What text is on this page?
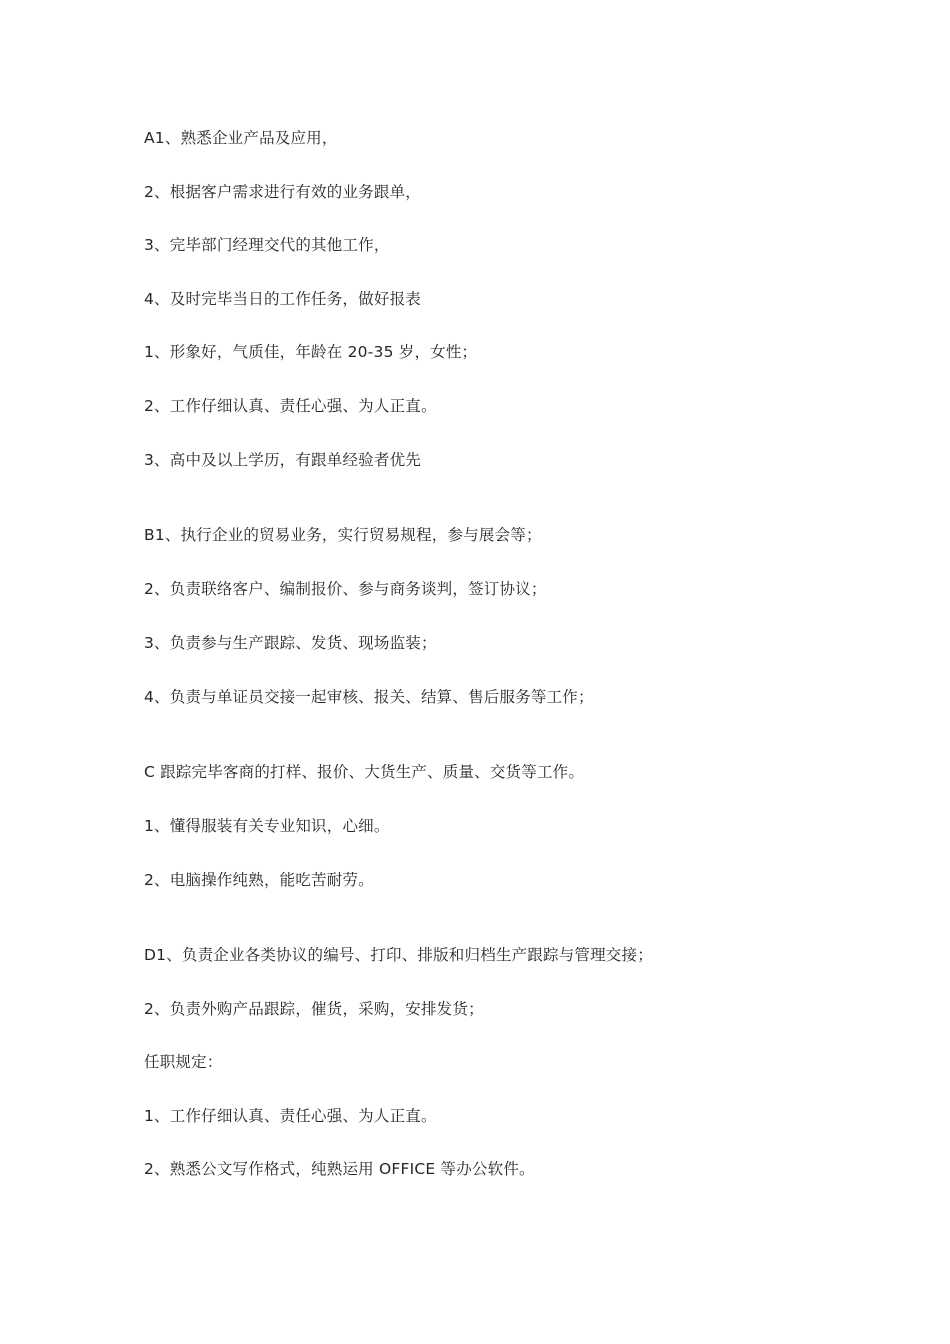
A1、熟悉企业产品及应用，
2、根据客户需求进行有效的业务跟单，
3、完毕部门经理交代的其他工作，
4、及时完毕当日的工作任务，做好报表
1、形象好，气质佳，年龄在 20-35 岁，女性；
2、工作仔细认真、责任心强、为人正直。
3、高中及以上学历，有跟单经验者优先
B1、执行企业的贸易业务，实行贸易规程，参与展会等；
2、负责联络客户、编制报价、参与商务谈判，签订协议；
3、负责参与生产跟踪、发货、现场监装；
4、负责与单证员交接一起审核、报关、结算、售后服务等工作；
C 跟踪完毕客商的打样、报价、大货生产、质量、交货等工作。
1、懂得服装有关专业知识，心细。
2、电脑操作纯熟，能吃苦耐劳。
D1、负责企业各类协议的编号、打印、排版和归档生产跟踪与管理交接；
2、负责外购产品跟踪，催货，采购，安排发货；
任职规定：
1、工作仔细认真、责任心强、为人正直。
2、熟悉公文写作格式，纯熟运用 OFFICE 等办公软件。
